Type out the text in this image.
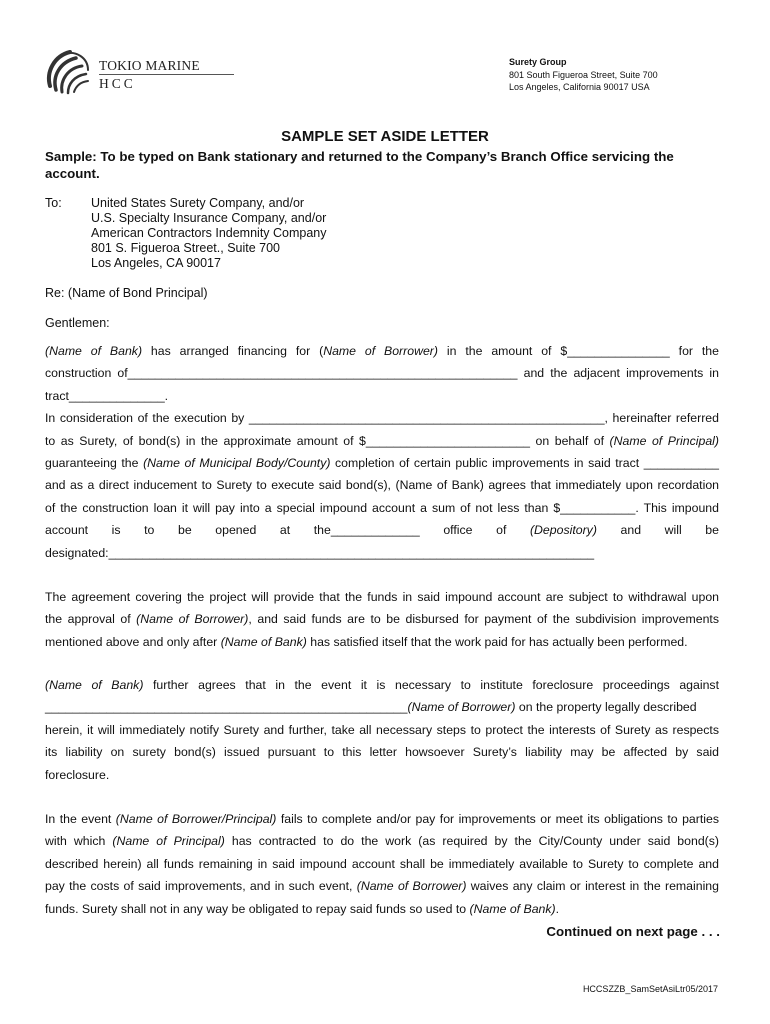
TOKIO MARINE
HCC
Surety Group
801 South Figueroa Street, Suite 700
Los Angeles, California 90017 USA
SAMPLE SET ASIDE LETTER
Sample: To be typed on Bank stationary and returned to the Company’s Branch Office servicing the account.
To: United States Surety Company, and/or
U.S. Specialty Insurance Company, and/or
American Contractors Indemnity Company
801 S. Figueroa Street., Suite 700
Los Angeles, CA 90017
Re: (Name of Bond Principal)
Gentlemen:
(Name of Bank) has arranged financing for (Name of Borrower) in the amount of $_______________ for the
construction of_________________________________________________________ and the adjacent improvements in
tract______________.
In consideration of the execution by ____________________________________________________, hereinafter referred
to as Surety, of bond(s) in the approximate amount of $________________________ on behalf of (Name of Principal)
guaranteeing the (Name of Municipal Body/County) completion of certain public improvements in said tract ___________
and as a direct inducement to Surety to execute said bond(s), (Name of Bank) agrees that immediately upon recordation
of the construction loan it will pay into a special impound account a sum of not less than $___________. This impound
account is to be opened at the_____________ office of (Depository) and will be
designated:_______________________________________________________________________
The agreement covering the project will provide that the funds in said impound account are subject to withdrawal upon
the approval of (Name of Borrower), and said funds are to be disbursed for payment of the subdivision improvements
mentioned above and only after (Name of Bank) has satisfied itself that the work paid for has actually been performed.
(Name of Bank) further agrees that in the event it is necessary to institute foreclosure proceedings against
_____________________________________________________(Name of Borrower) on the property legally described
herein, it will immediately notify Surety and further, take all necessary steps to protect the interests of Surety as respects
its liability on surety bond(s) issued pursuant to this letter howsoever Surety’s liability may be affected by said
foreclosure.
In the event (Name of Borrower/Principal) fails to complete and/or pay for improvements or meet its obligations to parties
with which (Name of Principal) has contracted to do the work (as required by the City/County under said bond(s)
described herein) all funds remaining in said impound account shall be immediately available to Surety to complete and
pay the costs of said improvements, and in such event, (Name of Borrower) waives any claim or interest in the remaining
funds. Surety shall not in any way be obligated to repay said funds so used to (Name of Bank).
Continued on next page . . .
HCCSZZB_SamSetAsiLtr05/2017
